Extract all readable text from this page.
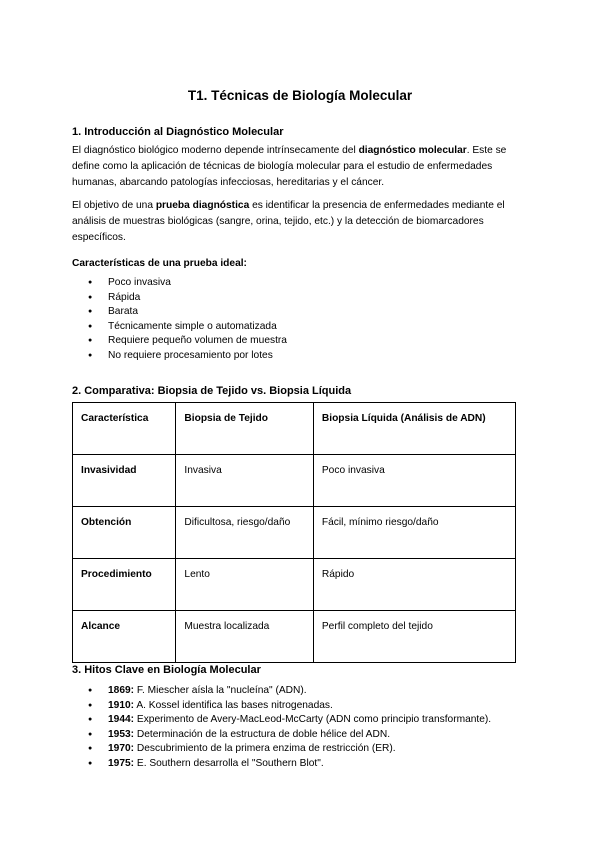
T1. Técnicas de Biología Molecular
1. Introducción al Diagnóstico Molecular

El diagnóstico biológico moderno depende intrínsecamente del diagnóstico molecular. Este se define como la aplicación de técnicas de biología molecular para el estudio de enfermedades humanas, abarcando patologías infecciosas, hereditarias y el cáncer.

El objetivo de una prueba diagnóstica es identificar la presencia de enfermedades mediante el análisis de muestras biológicas (sangre, orina, tejido, etc.) y la detección de biomarcadores específicos.

Características de una prueba ideal:
● Poco invasiva
● Rápida
● Barata
● Técnicamente simple o automatizada
● Requiere pequeño volumen de muestra
● No requiere procesamiento por lotes
2. Comparativa: Biopsia de Tejido vs. Biopsia Líquida
Característica	Biopsia de Tejido	Biopsia Líquida (Análisis de ADN)
Invasividad	Invasiva	Poco invasiva
Obtención	Dificultosa, riesgo/daño	Fácil, mínimo riesgo/daño
Procedimiento	Lento	Rápido
Alcance	Muestra localizada	Perfil completo del tejido
3. Hitos Clave en Biología Molecular
● 1869: F. Miescher aísla la "nucleína" (ADN).
● 1910: A. Kossel identifica las bases nitrogenadas.
● 1944: Experimento de Avery-MacLeod-McCarty (ADN como principio transformante).
● 1953: Determinación de la estructura de doble hélice del ADN.
● 1970: Descubrimiento de la primera enzima de restricción (ER).
● 1975: E. Southern desarrolla el "Southern Blot".
